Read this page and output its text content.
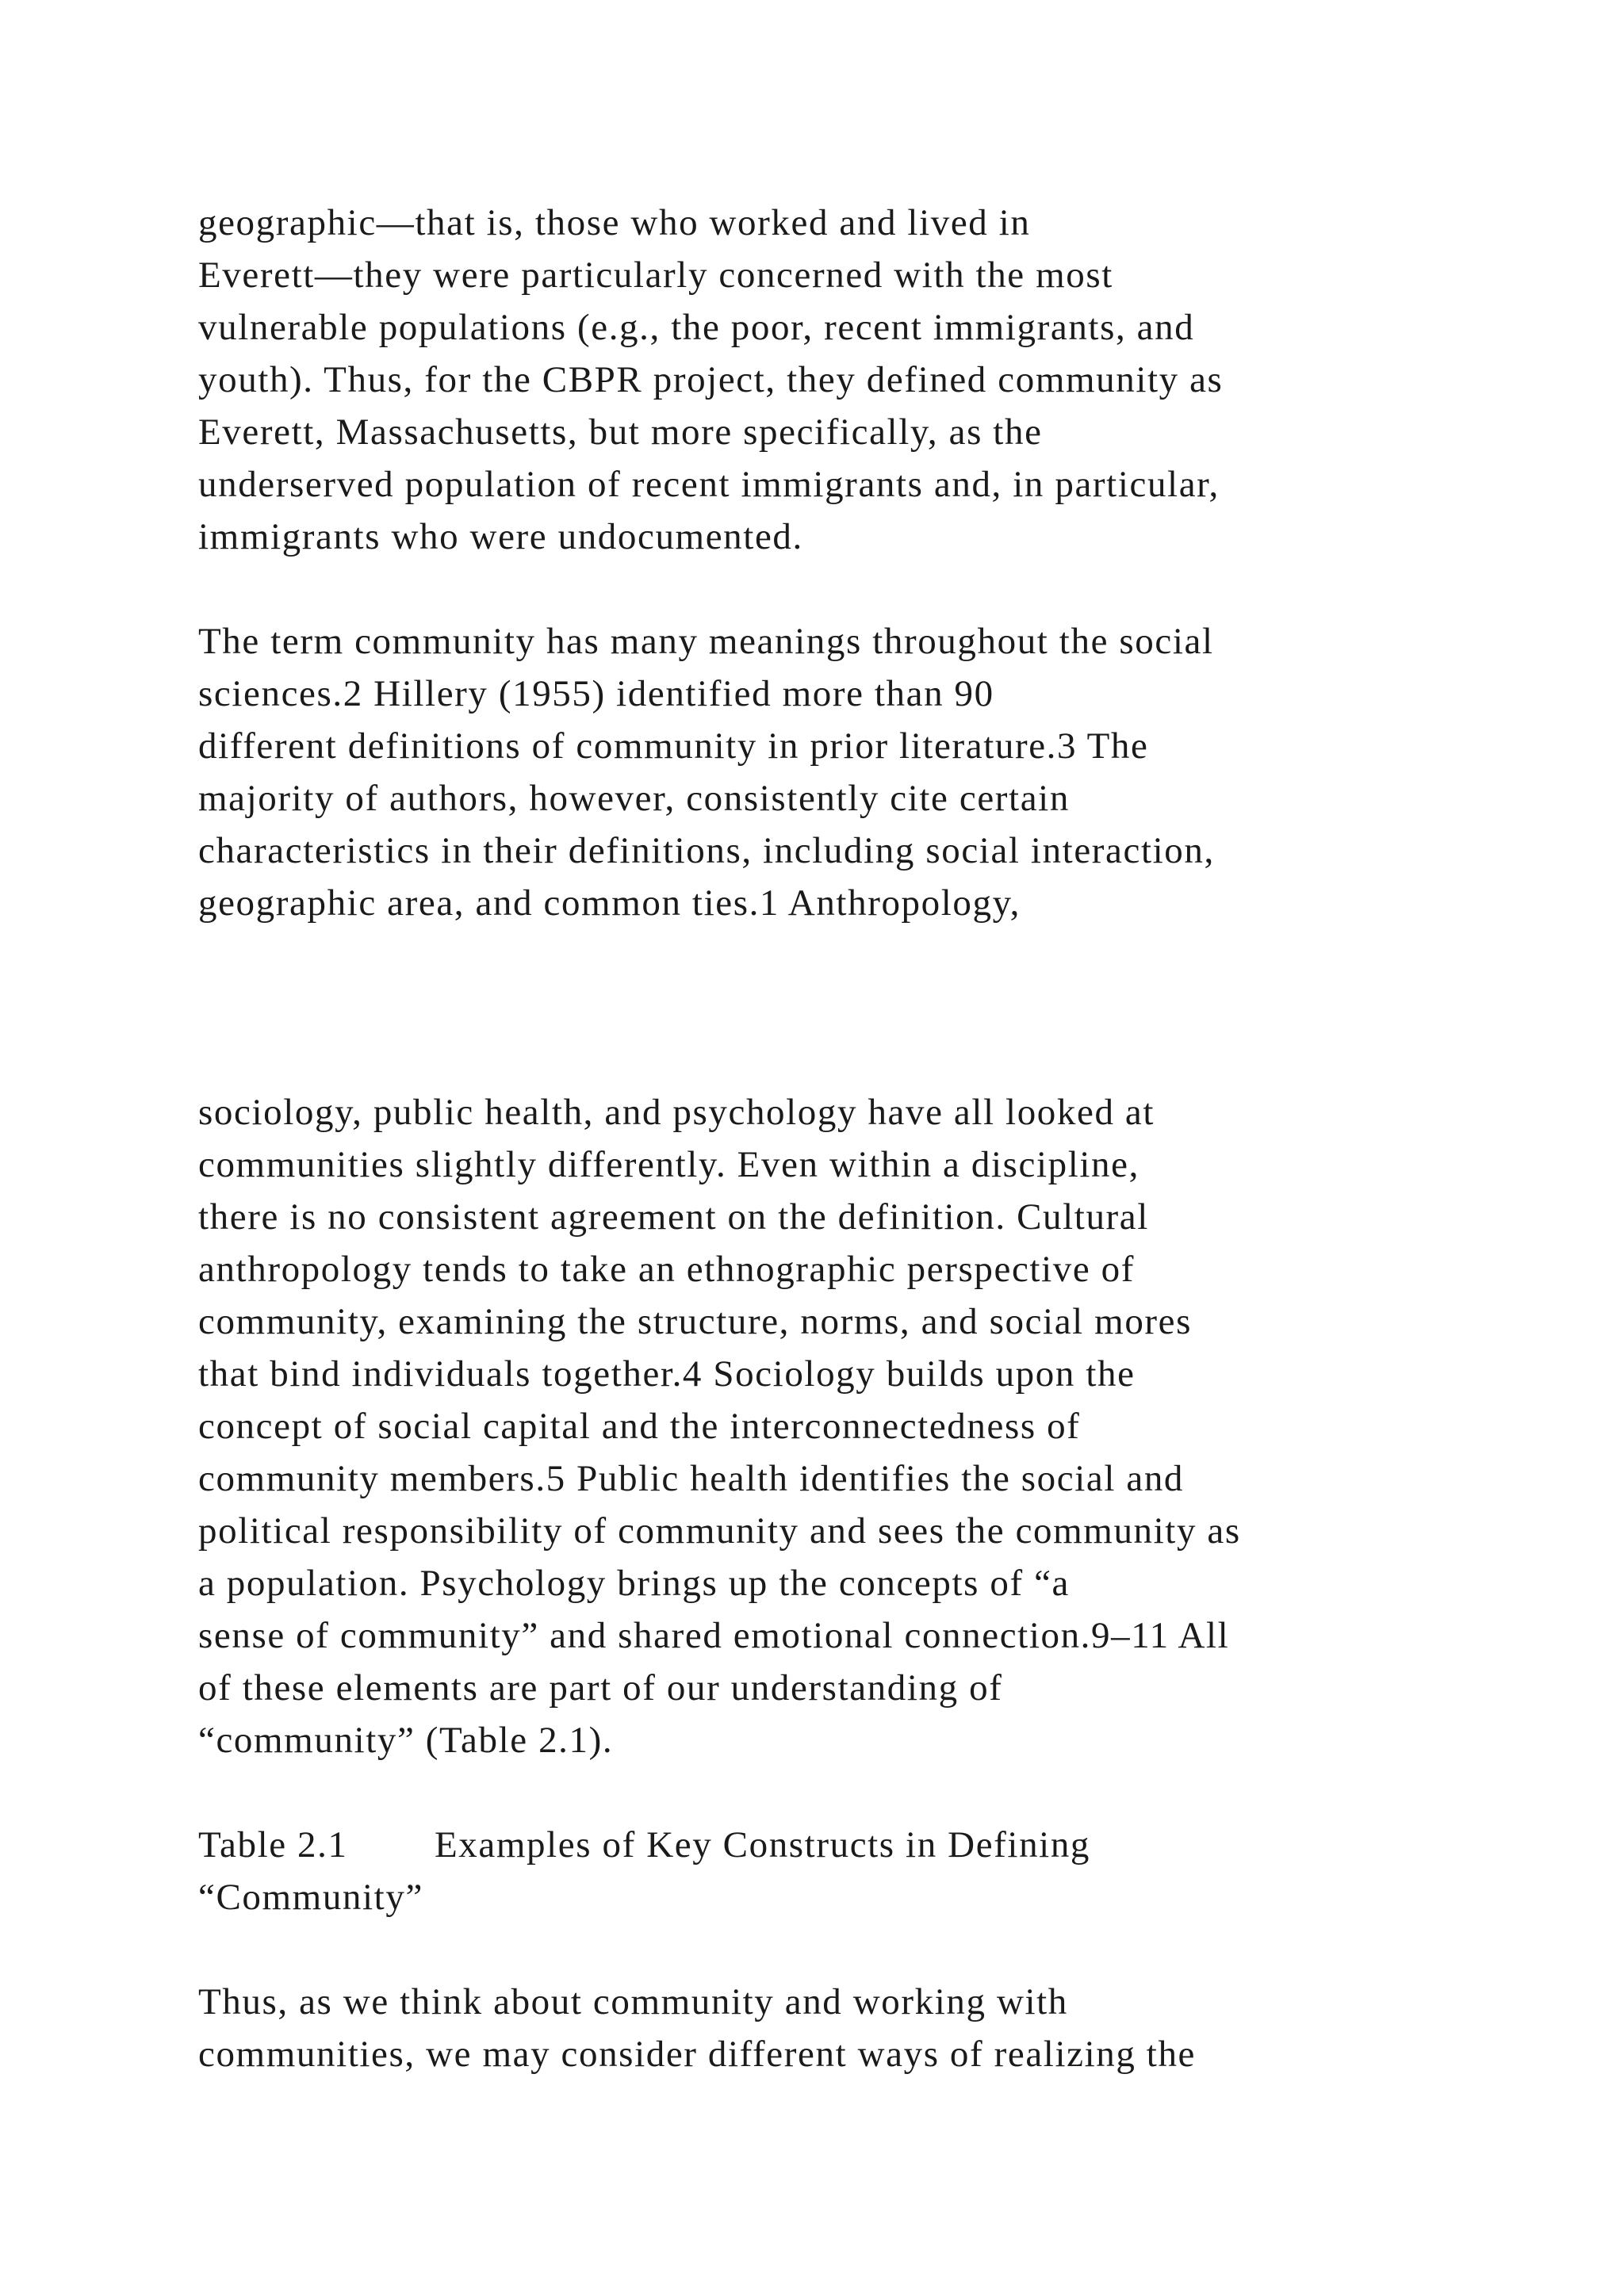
geographic—that is, those who worked and lived in
Everett—they were particularly concerned with the most
vulnerable populations (e.g., the poor, recent immigrants, and
youth). Thus, for the CBPR project, they defined community as
Everett, Massachusetts, but more specifically, as the
underserved population of recent immigrants and, in particular,
immigrants who were undocumented.
The term community has many meanings throughout the social
sciences.2 Hillery (1955) identified more than 90
different definitions of community in prior literature.3 The
majority of authors, however, consistently cite certain
characteristics in their definitions, including social interaction,
geographic area, and common ties.1 Anthropology,
sociology, public health, and psychology have all looked at
communities slightly differently. Even within a discipline,
there is no consistent agreement on the definition. Cultural
anthropology tends to take an ethnographic perspective of
community, examining the structure, norms, and social mores
that bind individuals together.4 Sociology builds upon the
concept of social capital and the interconnectedness of
community members.5 Public health identifies the social and
political responsibility of community and sees the community as
a population. Psychology brings up the concepts of “a
sense of community” and shared emotional connection.9–11 All
of these elements are part of our understanding of
“community” (Table 2.1).
Table 2.1 Examples of Key Constructs in Defining
“Community”
Thus, as we think about community and working with
communities, we may consider different ways of realizing the
